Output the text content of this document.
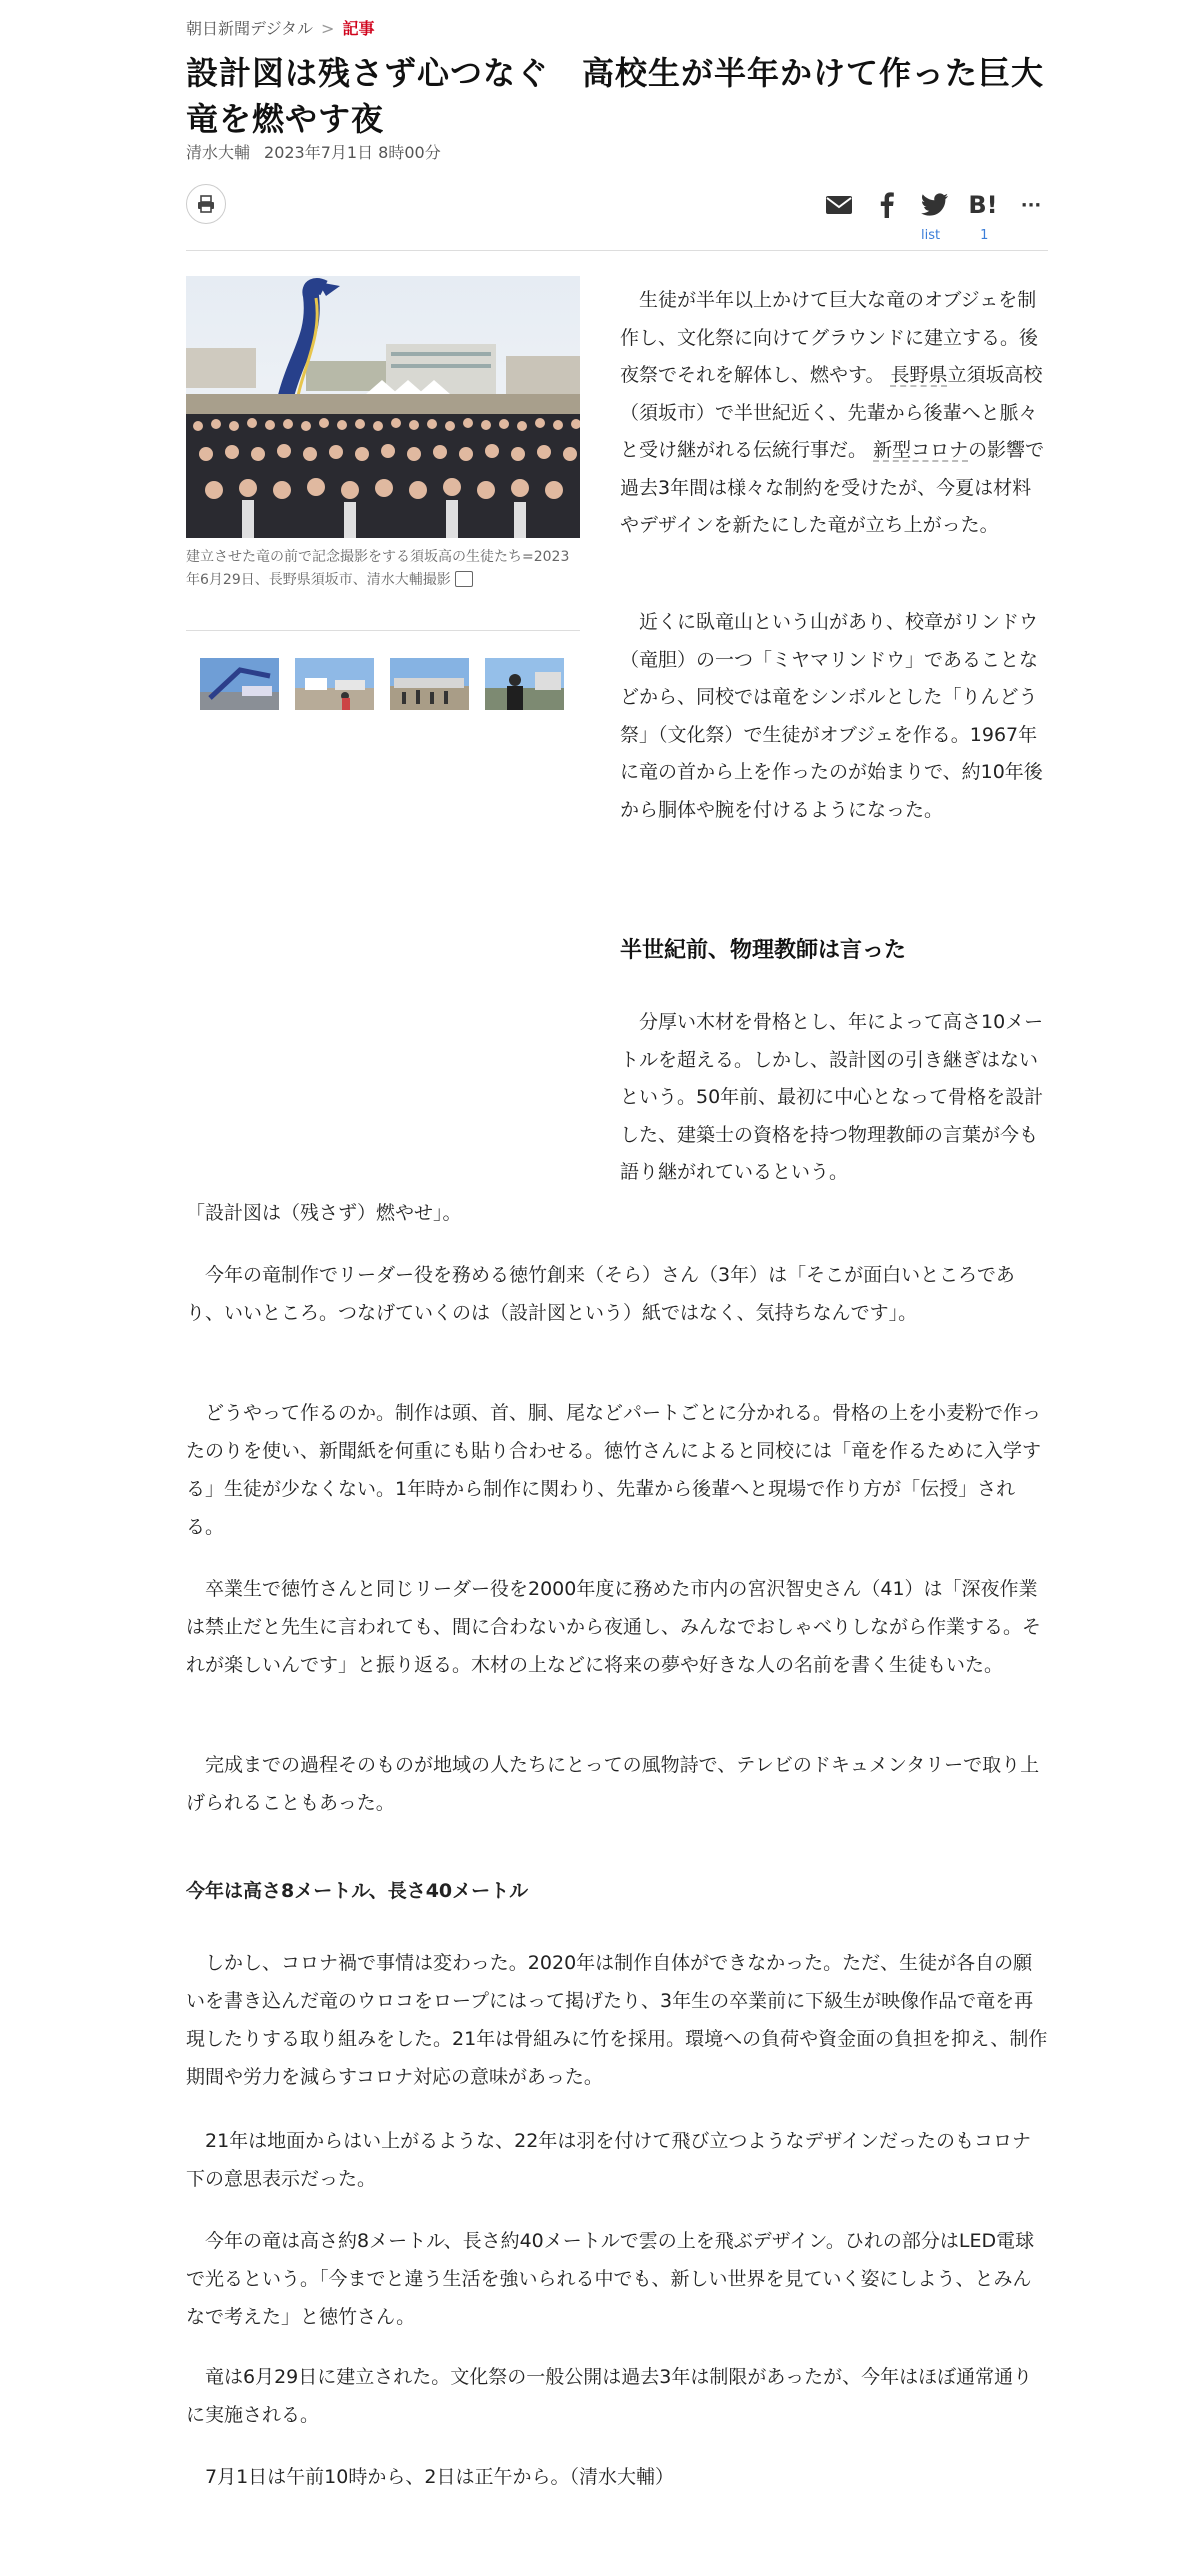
朝日新聞デジタル > 記事
設計図は残さず心つなぐ　高校生が半年かけて作った巨大竜を燃やす夜
清水大輔 2023年7月1日 8時00分
B!	···
list	1
建立させた竜の前で記念撮影をする須坂高の生徒たち=2023年6月29日、長野県須坂市、清水大輔撮影

生徒が半年以上かけて巨大な竜のオブジェを制作し、文化祭に向けてグラウンドに建立する。後夜祭でそれを解体し、燃やす。 長野県立須坂高校（須坂市）で半世紀近く、先輩から後輩へと脈々と受け継がれる伝統行事だ。 新型コロナの影響で過去3年間は様々な制約を受けたが、今夏は材料やデザインを新たにした竜が立ち上がった。

近くに臥竜山という山があり、校章がリンドウ（竜胆）の一つ「ミヤマリンドウ」であることなどから、同校では竜をシンボルとした「りんどう祭」（文化祭）で生徒がオブジェを作る。1967年に竜の首から上を作ったのが始まりで、約10年後から胴体や腕を付けるようになった。
半世紀前、物理教師は言った
分厚い木材を骨格とし、年によって高さ10メートルを超える。しかし、設計図の引き継ぎはないという。50年前、最初に中心となって骨格を設計した、建築士の資格を持つ物理教師の言葉が今も語り継がれているという。
「設計図は（残さず）燃やせ」。
今年の竜制作でリーダー役を務める徳竹創来（そら）さん（3年）は「そこが面白いところであり、いいところ。つなげていくのは（設計図という）紙ではなく、気持ちなんです」。
どうやって作るのか。制作は頭、首、胴、尾などパートごとに分かれる。骨格の上を小麦粉で作ったのりを使い、新聞紙を何重にも貼り合わせる。徳竹さんによると同校には「竜を作るために入学する」生徒が少なくない。1年時から制作に関わり、先輩から後輩へと現場で作り方が「伝授」される。
卒業生で徳竹さんと同じリーダー役を2000年度に務めた市内の宮沢智史さん（41）は「深夜作業は禁止だと先生に言われても、間に合わないから夜通し、みんなでおしゃべりしながら作業する。それが楽しいんです」と振り返る。木材の上などに将来の夢や好きな人の名前を書く生徒もいた。
完成までの過程そのものが地域の人たちにとっての風物詩で、テレビのドキュメンタリーで取り上げられることもあった。
今年は高さ8メートル、長さ40メートル
しかし、コロナ禍で事情は変わった。2020年は制作自体ができなかった。ただ、生徒が各自の願いを書き込んだ竜のウロコをロープにはって掲げたり、3年生の卒業前に下級生が映像作品で竜を再現したりする取り組みをした。21年は骨組みに竹を採用。環境への負荷や資金面の負担を抑え、制作期間や労力を減らすコロナ対応の意味があった。
21年は地面からはい上がるような、22年は羽を付けて飛び立つようなデザインだったのもコロナ下の意思表示だった。
今年の竜は高さ約8メートル、長さ約40メートルで雲の上を飛ぶデザイン。ひれの部分はLED電球で光るという。「今までと違う生活を強いられる中でも、新しい世界を見ていく姿にしよう、とみんなで考えた」と徳竹さん。
竜は6月29日に建立された。文化祭の一般公開は過去3年は制限があったが、今年はほぼ通常通りに実施される。
7月1日は午前10時から、2日は正午から。（清水大輔）
